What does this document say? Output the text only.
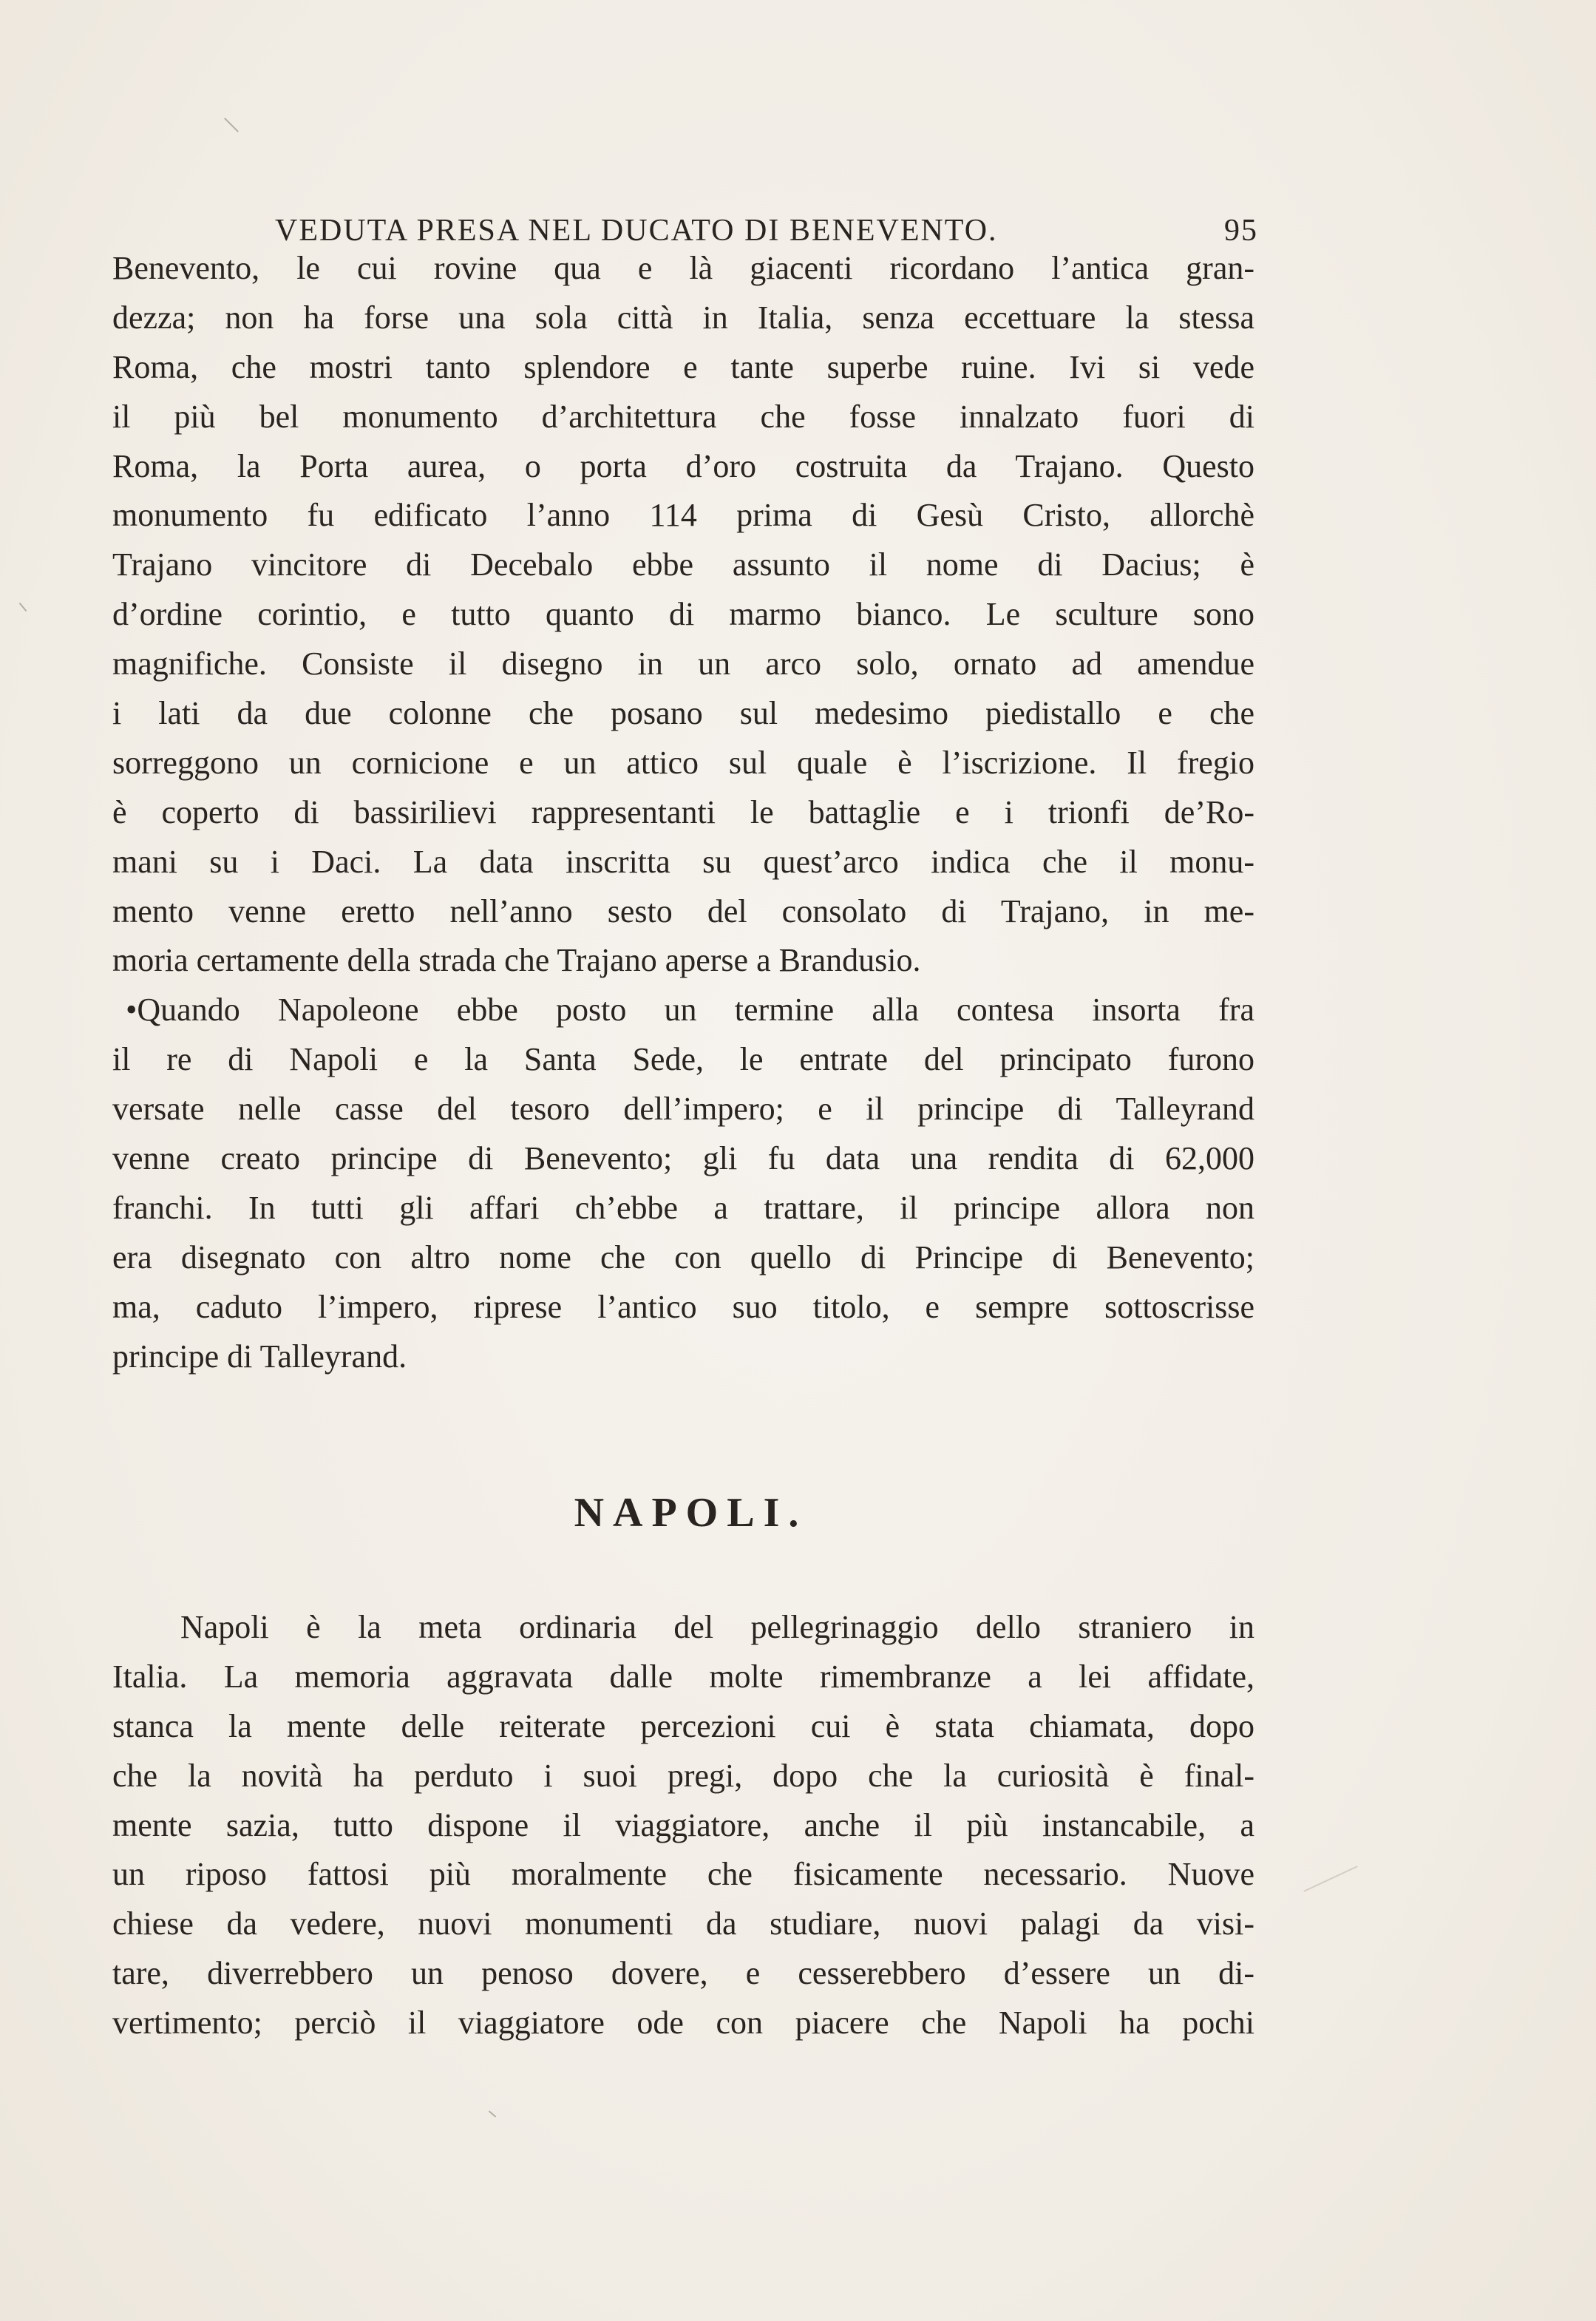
VEDUTA PRESA NEL DUCATO DI BENEVENTO.	95
Benevento, le cui rovine qua e là giacenti ricordano l’antica gran-
dezza; non ha forse una sola città in Italia, senza eccettuare la stessa
Roma, che mostri tanto splendore e tante superbe ruine. Ivi si vede
il più bel monumento d’architettura che fosse innalzato fuori di
Roma, la Porta aurea, o porta d’oro costruita da Trajano. Questo
monumento fu edificato l’anno 114 prima di Gesù Cristo, allorchè
Trajano vincitore di Decebalo ebbe assunto il nome di Dacius; è
d’ordine corintio, e tutto quanto di marmo bianco. Le sculture sono
magnifiche. Consiste il disegno in un arco solo, ornato ad amendue
i lati da due colonne che posano sul medesimo piedistallo e che
sorreggono un cornicione e un attico sul quale è l’iscrizione. Il fregio
è coperto di bassirilievi rappresentanti le battaglie e i trionfi de’Ro-
mani su i Daci. La data inscritta su quest’arco indica che il monu-
mento venne eretto nell’anno sesto del consolato di Trajano, in me-
moria certamente della strada che Trajano aperse a Brandusio.
•Quando Napoleone ebbe posto un termine alla contesa insorta fra
il re di Napoli e la Santa Sede, le entrate del principato furono
versate nelle casse del tesoro dell’impero; e il principe di Talleyrand
venne creato principe di Benevento; gli fu data una rendita di 62,000
franchi. In tutti gli affari ch’ebbe a trattare, il principe allora non
era disegnato con altro nome che con quello di Principe di Benevento;
ma, caduto l’impero, riprese l’antico suo titolo, e sempre sottoscrisse
principe di Talleyrand.
NAPOLI.
Napoli è la meta ordinaria del pellegrinaggio dello straniero in
Italia. La memoria aggravata dalle molte rimembranze a lei affidate,
stanca la mente delle reiterate percezioni cui è stata chiamata, dopo
che la novità ha perduto i suoi pregi, dopo che la curiosità è final-
mente sazia, tutto dispone il viaggiatore, anche il più instancabile, a
un riposo fattosi più moralmente che fisicamente necessario. Nuove
chiese da vedere, nuovi monumenti da studiare, nuovi palagi da visi-
tare, diverrebbero un penoso dovere, e cesserebbero d’essere un di-
vertimento; perciò il viaggiatore ode con piacere che Napoli ha pochi
